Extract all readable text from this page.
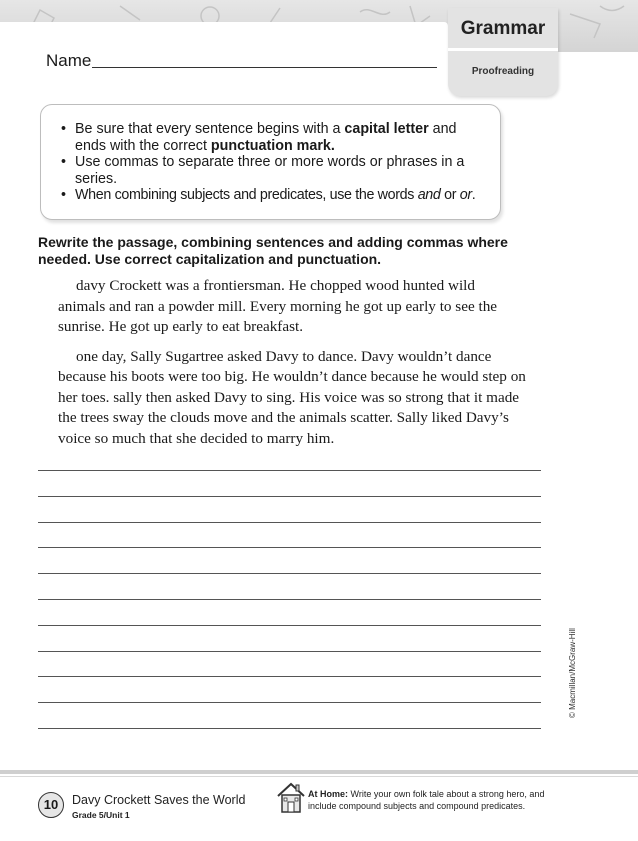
Name
Grammar
Proofreading
• Be sure that every sentence begins with a capital letter and ends with the correct punctuation mark.
• Use commas to separate three or more words or phrases in a series.
• When combining subjects and predicates, use the words and or or.
Rewrite the passage, combining sentences and adding commas where needed. Use correct capitalization and punctuation.

davy Crockett was a frontiersman. He chopped wood hunted wild animals and ran a powder mill. Every morning he got up early to see the sunrise. He got up early to eat breakfast.

one day, Sally Sugartree asked Davy to dance. Davy wouldn’t dance because his boots were too big. He wouldn’t dance because he would step on her toes. sally then asked Davy to sing. His voice was so strong that it made the trees sway the clouds move and the animals scatter. Sally liked Davy’s voice so much that she decided to marry him.

© Macmillan/McGraw-Hill
10	Davy Crockett Saves the World
Grade 5/Unit 1
At Home: Write your own folk tale about a strong hero, and include compound subjects and compound predicates.
